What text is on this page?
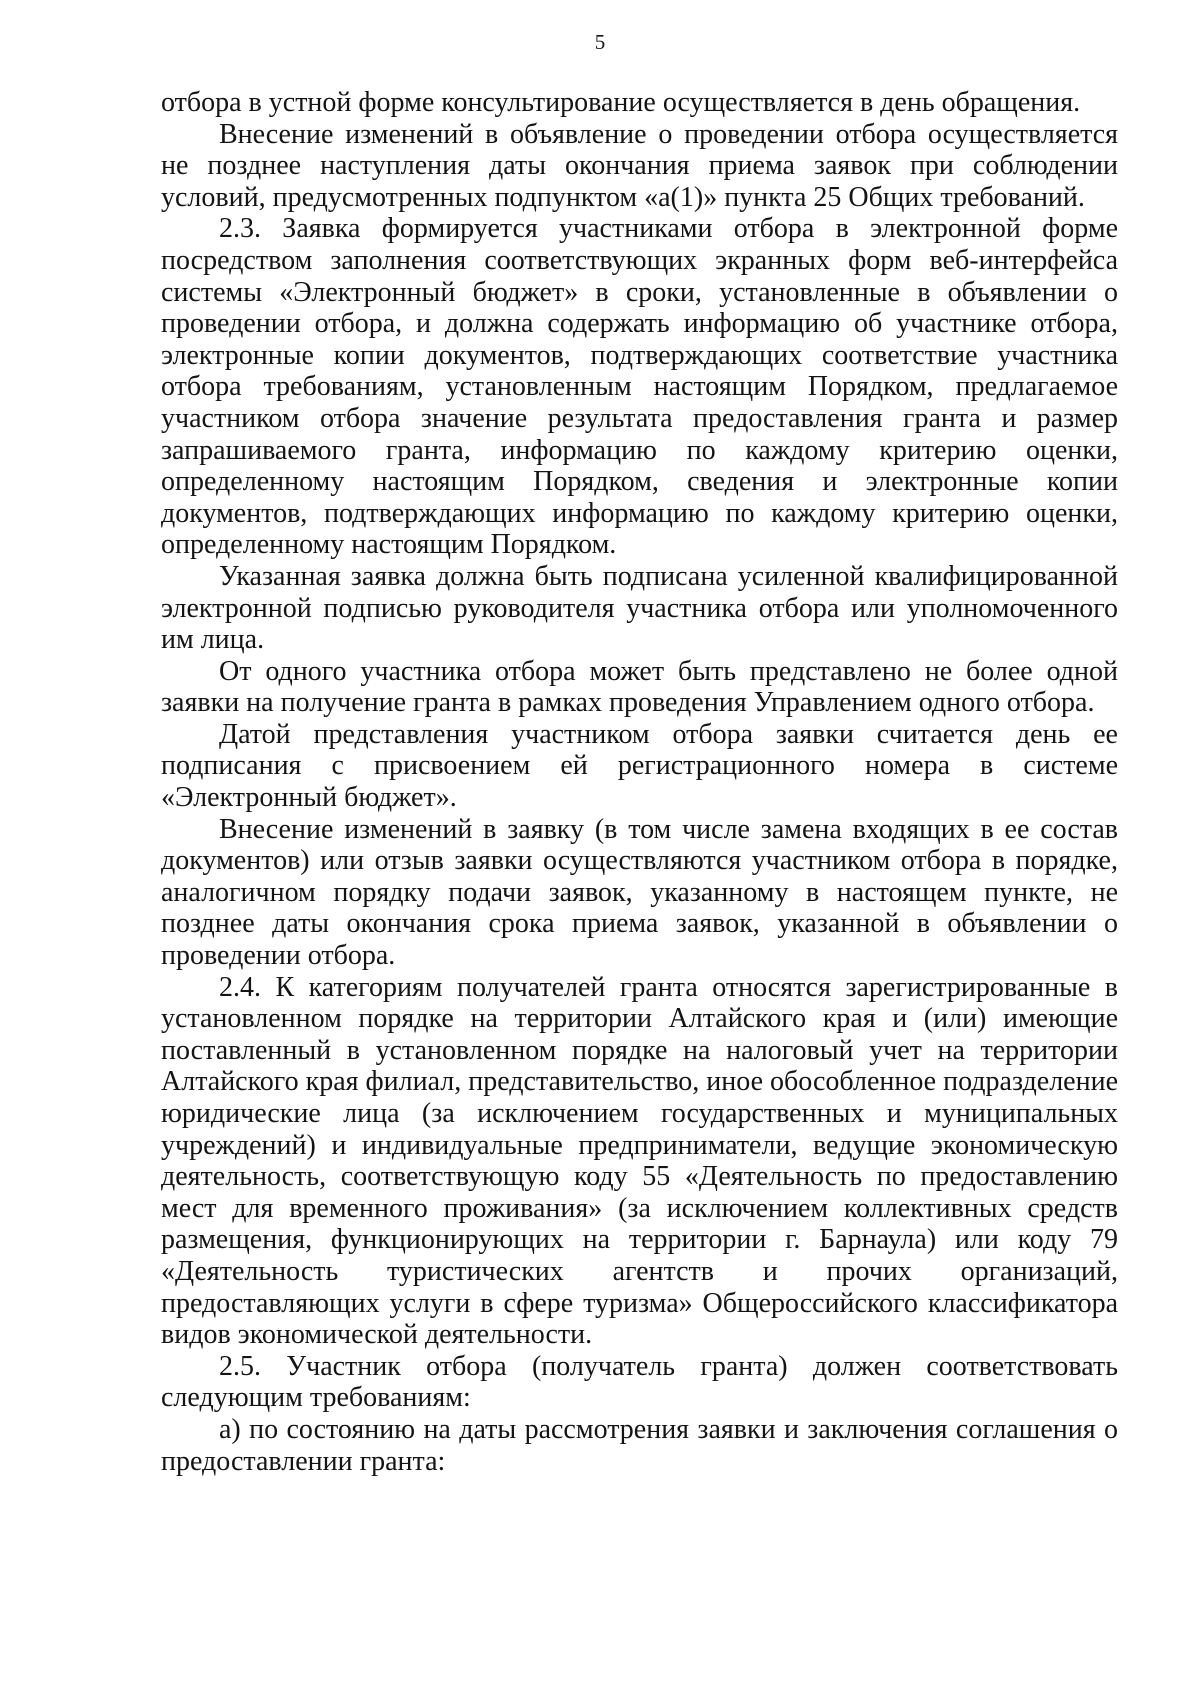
5

отбора в устной форме консультирование осуществляется в день обращения.

Внесение изменений в объявление о проведении отбора осуществляется не позднее наступления даты окончания приема заявок при соблюдении условий, предусмотренных подпунктом «а(1)» пункта 25 Общих требований.

2.3. Заявка формируется участниками отбора в электронной форме посредством заполнения соответствующих экранных форм веб-интерфейса системы «Электронный бюджет» в сроки, установленные в объявлении о проведении отбора, и должна содержать информацию об участнике отбора, электронные копии документов, подтверждающих соответствие участника отбора требованиям, установленным настоящим Порядком, предлагаемое участником отбора значение результата предоставления гранта и размер запрашиваемого гранта, информацию по каждому критерию оценки, определенному настоящим Порядком, сведения и электронные копии документов, подтверждающих информацию по каждому критерию оценки, определенному настоящим Порядком.

Указанная заявка должна быть подписана усиленной квалифицированной электронной подписью руководителя участника отбора или уполномоченного им лица.

От одного участника отбора может быть представлено не более одной заявки на получение гранта в рамках проведения Управлением одного отбора.

Датой представления участником отбора заявки считается день ее подписания с присвоением ей регистрационного номера в системе «Электронный бюджет».

Внесение изменений в заявку (в том числе замена входящих в ее состав документов) или отзыв заявки осуществляются участником отбора в порядке, аналогичном порядку подачи заявок, указанному в настоящем пункте, не позднее даты окончания срока приема заявок, указанной в объявлении о проведении отбора.

2.4. К категориям получателей гранта относятся зарегистрированные в установленном порядке на территории Алтайского края и (или) имеющие поставленный в установленном порядке на налоговый учет на территории Алтайского края филиал, представительство, иное обособленное подразделение юридические лица (за исключением государственных и муниципальных учреждений) и индивидуальные предприниматели, ведущие экономическую деятельность, соответствующую коду 55 «Деятельность по предоставлению мест для временного проживания» (за исключением коллективных средств размещения, функционирующих на территории г. Барнаула) или коду 79 «Деятельность туристических агентств и прочих организаций, предоставляющих услуги в сфере туризма» Общероссийского классификатора видов экономической деятельности.

2.5. Участник отбора (получатель гранта) должен соответствовать следующим требованиям:

а) по состоянию на даты рассмотрения заявки и заключения соглашения о предоставлении гранта:
